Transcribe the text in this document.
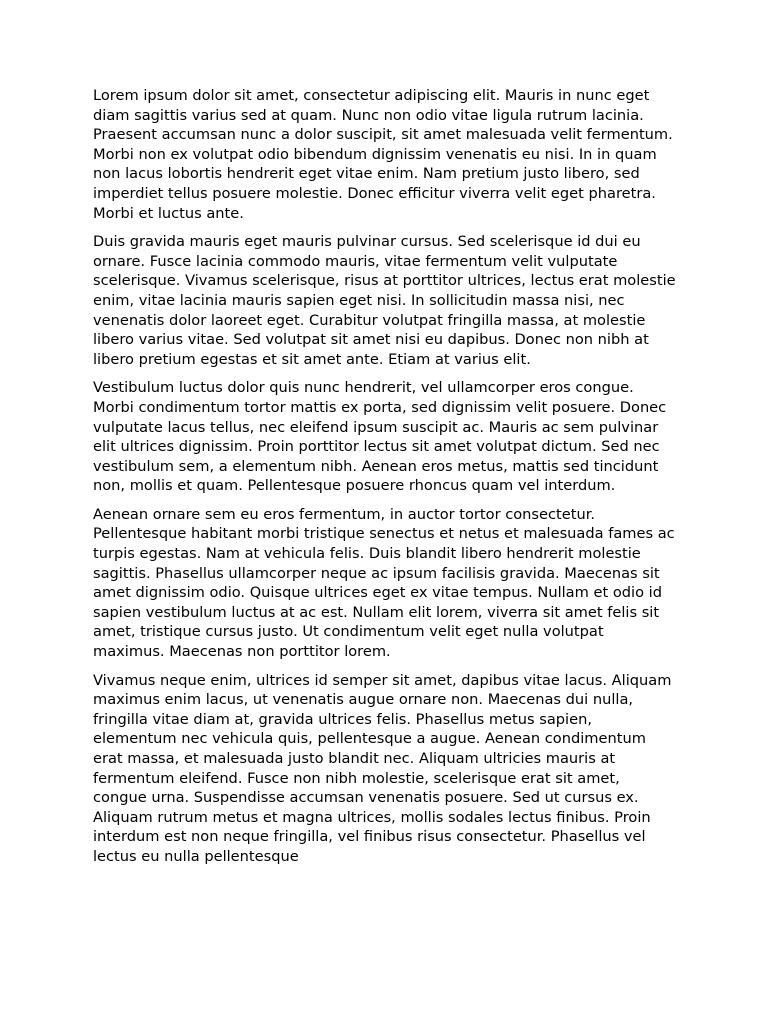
Lorem ipsum dolor sit amet, consectetur adipiscing elit. Mauris in nunc eget diam sagittis varius sed at quam. Nunc non odio vitae ligula rutrum lacinia. Praesent accumsan nunc a dolor suscipit, sit amet malesuada velit fermentum. Morbi non ex volutpat odio bibendum dignissim venenatis eu nisi. In in quam non lacus lobortis hendrerit eget vitae enim. Nam pretium justo libero, sed imperdiet tellus posuere molestie. Donec efficitur viverra velit eget pharetra. Morbi et luctus ante.

Duis gravida mauris eget mauris pulvinar cursus. Sed scelerisque id dui eu ornare. Fusce lacinia commodo mauris, vitae fermentum velit vulputate scelerisque. Vivamus scelerisque, risus at porttitor ultrices, lectus erat molestie enim, vitae lacinia mauris sapien eget nisi. In sollicitudin massa nisi, nec venenatis dolor laoreet eget. Curabitur volutpat fringilla massa, at molestie libero varius vitae. Sed volutpat sit amet nisi eu dapibus. Donec non nibh at libero pretium egestas et sit amet ante. Etiam at varius elit.

Vestibulum luctus dolor quis nunc hendrerit, vel ullamcorper eros congue. Morbi condimentum tortor mattis ex porta, sed dignissim velit posuere. Donec vulputate lacus tellus, nec eleifend ipsum suscipit ac. Mauris ac sem pulvinar elit ultrices dignissim. Proin porttitor lectus sit amet volutpat dictum. Sed nec vestibulum sem, a elementum nibh. Aenean eros metus, mattis sed tincidunt non, mollis et quam. Pellentesque posuere rhoncus quam vel interdum.

Aenean ornare sem eu eros fermentum, in auctor tortor consectetur. Pellentesque habitant morbi tristique senectus et netus et malesuada fames ac turpis egestas. Nam at vehicula felis. Duis blandit libero hendrerit molestie sagittis. Phasellus ullamcorper neque ac ipsum facilisis gravida. Maecenas sit amet dignissim odio. Quisque ultrices eget ex vitae tempus. Nullam et odio id sapien vestibulum luctus at ac est. Nullam elit lorem, viverra sit amet felis sit amet, tristique cursus justo. Ut condimentum velit eget nulla volutpat maximus. Maecenas non porttitor lorem.

Vivamus neque enim, ultrices id semper sit amet, dapibus vitae lacus. Aliquam maximus enim lacus, ut venenatis augue ornare non. Maecenas dui nulla, fringilla vitae diam at, gravida ultrices felis. Phasellus metus sapien, elementum nec vehicula quis, pellentesque a augue. Aenean condimentum erat massa, et malesuada justo blandit nec. Aliquam ultricies mauris at fermentum eleifend. Fusce non nibh molestie, scelerisque erat sit amet, congue urna. Suspendisse accumsan venenatis posuere. Sed ut cursus ex. Aliquam rutrum metus et magna ultrices, mollis sodales lectus finibus. Proin interdum est non neque fringilla, vel finibus risus consectetur. Phasellus vel lectus eu nulla pellentesque
